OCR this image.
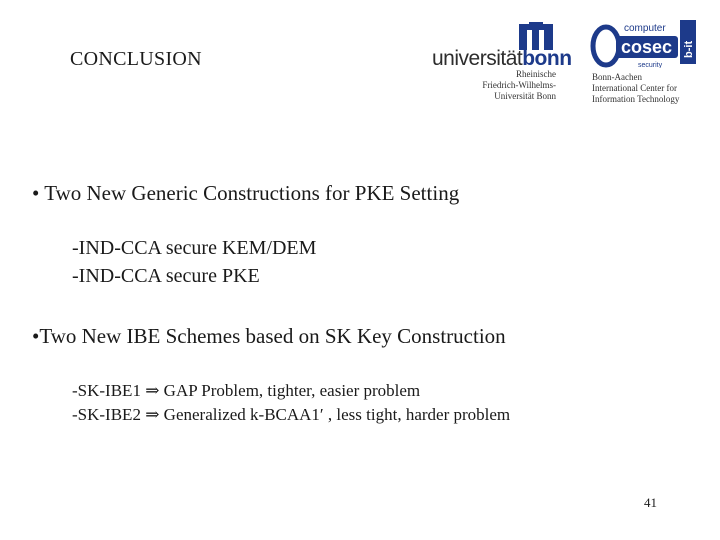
CONCLUSION	universitätbonn
Rheinische
Friedrich-Wilhelms-
Universität Bonn
computer
cosec
security
b-it
Bonn-Aachen
International Center for
Information Technology
• Two New Generic Constructions for PKE Setting
-IND-CCA secure KEM/DEM
-IND-CCA secure PKE
•Two New IBE Schemes based on SK Key Construction
-SK-IBE1 ⇒ GAP Problem, tighter, easier problem
-SK-IBE2 ⇒ Generalized k-BCAA1′ , less tight, harder problem
41
